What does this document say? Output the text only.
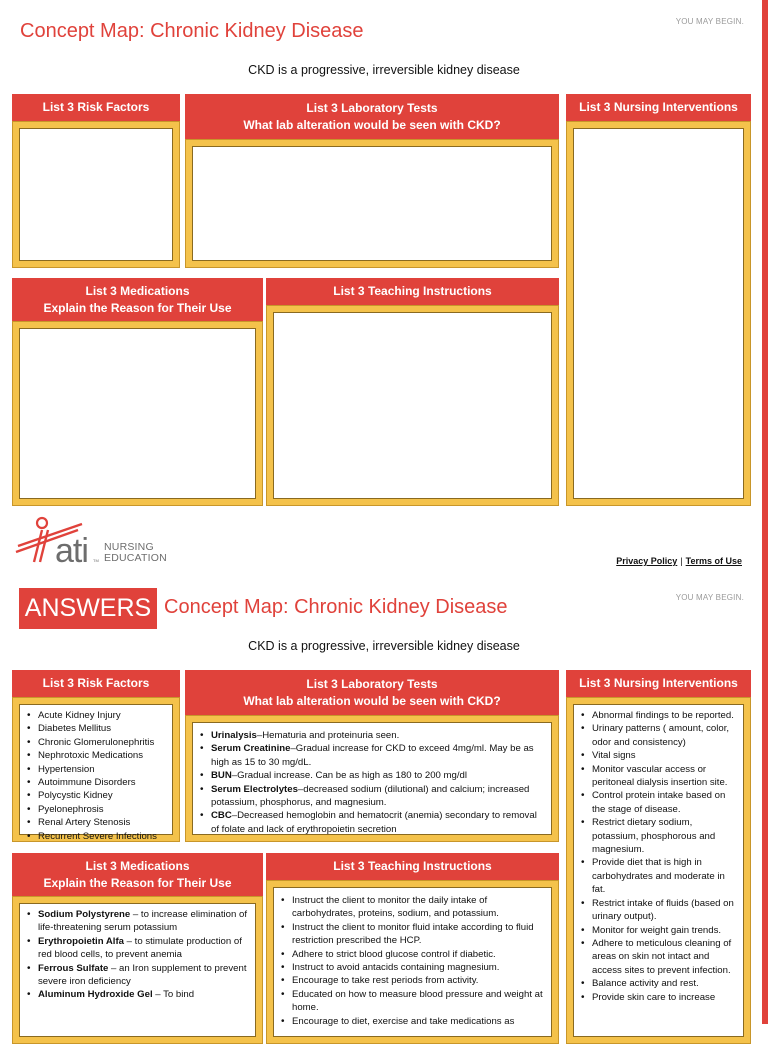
Concept Map: Chronic Kidney Disease	YOU MAY BEGIN.
CKD is a progressive, irreversible kidney disease
List 3 Risk Factors	List 3 Laboratory Tests
What lab alteration would be seen with CKD?
List 3 Nursing Interventions
List 3 Medications
Explain the Reason for Their Use
List 3 Teaching Instructions
ati TM
NURSING
EDUCATION	Privacy Policy | Terms of Use
ANSWERS Concept Map: Chronic Kidney Disease	YOU MAY BEGIN.
CKD is a progressive, irreversible kidney disease
List 3 Risk Factors
• Acute Kidney Injury
• Diabetes Mellitus
• Chronic Glomerulonephritis
• Nephrotoxic Medications
• Hypertension
• Autoimmune Disorders
• Polycystic Kidney
• Pyelonephrosis
• Renal Artery Stenosis
• Recurrent Severe Infections
List 3 Laboratory Tests
What lab alteration would be seen with CKD?
• Urinalysis–Hematuria and proteinuria seen.
• Serum Creatinine–Gradual increase for CKD to exceed 4mg/ml. May be as high as 15 to 30 mg/dL.
• BUN–Gradual increase. Can be as high as 180 to 200 mg/dl
• Serum Electrolytes–decreased sodium (dilutional) and calcium; increased potassium, phosphorus, and magnesium.
• CBC–Decreased hemoglobin and hematocrit (anemia) secondary to removal of folate and lack of erythropoietin secretion
List 3 Nursing Interventions
• Abnormal findings to be reported.
• Urinary patterns ( amount, color, odor and consistency)
• Vital signs
• Monitor vascular access or peritoneal dialysis insertion site.
• Control protein intake based on the stage of disease.
• Restrict dietary sodium, potassium, phosphorous and magnesium.
• Provide diet that is high in carbohydrates and moderate in fat.
• Restrict intake of fluids (based on urinary output).
• Monitor for weight gain trends.
• Adhere to meticulous cleaning of areas on skin not intact and access sites to prevent infection.
• Balance activity and rest.
• Provide skin care to increase
List 3 Medications
Explain the Reason for Their Use
• Sodium Polystyrene – to increase elimination of life-threatening serum potassium
• Erythropoietin Alfa – to stimulate production of red blood cells, to prevent anemia
• Ferrous Sulfate – an Iron supplement to prevent severe iron deficiency
• Aluminum Hydroxide Gel – To bind
List 3 Teaching Instructions
• Instruct the client to monitor the daily intake of carbohydrates, proteins, sodium, and potassium.
• Instruct the client to monitor fluid intake according to fluid restriction prescribed the HCP.
• Adhere to strict blood glucose control if diabetic.
• Instruct to avoid antacids containing magnesium.
• Encourage to take rest periods from activity.
• Educated on how to measure blood pressure and weight at home.
• Encourage to diet, exercise and take medications as
